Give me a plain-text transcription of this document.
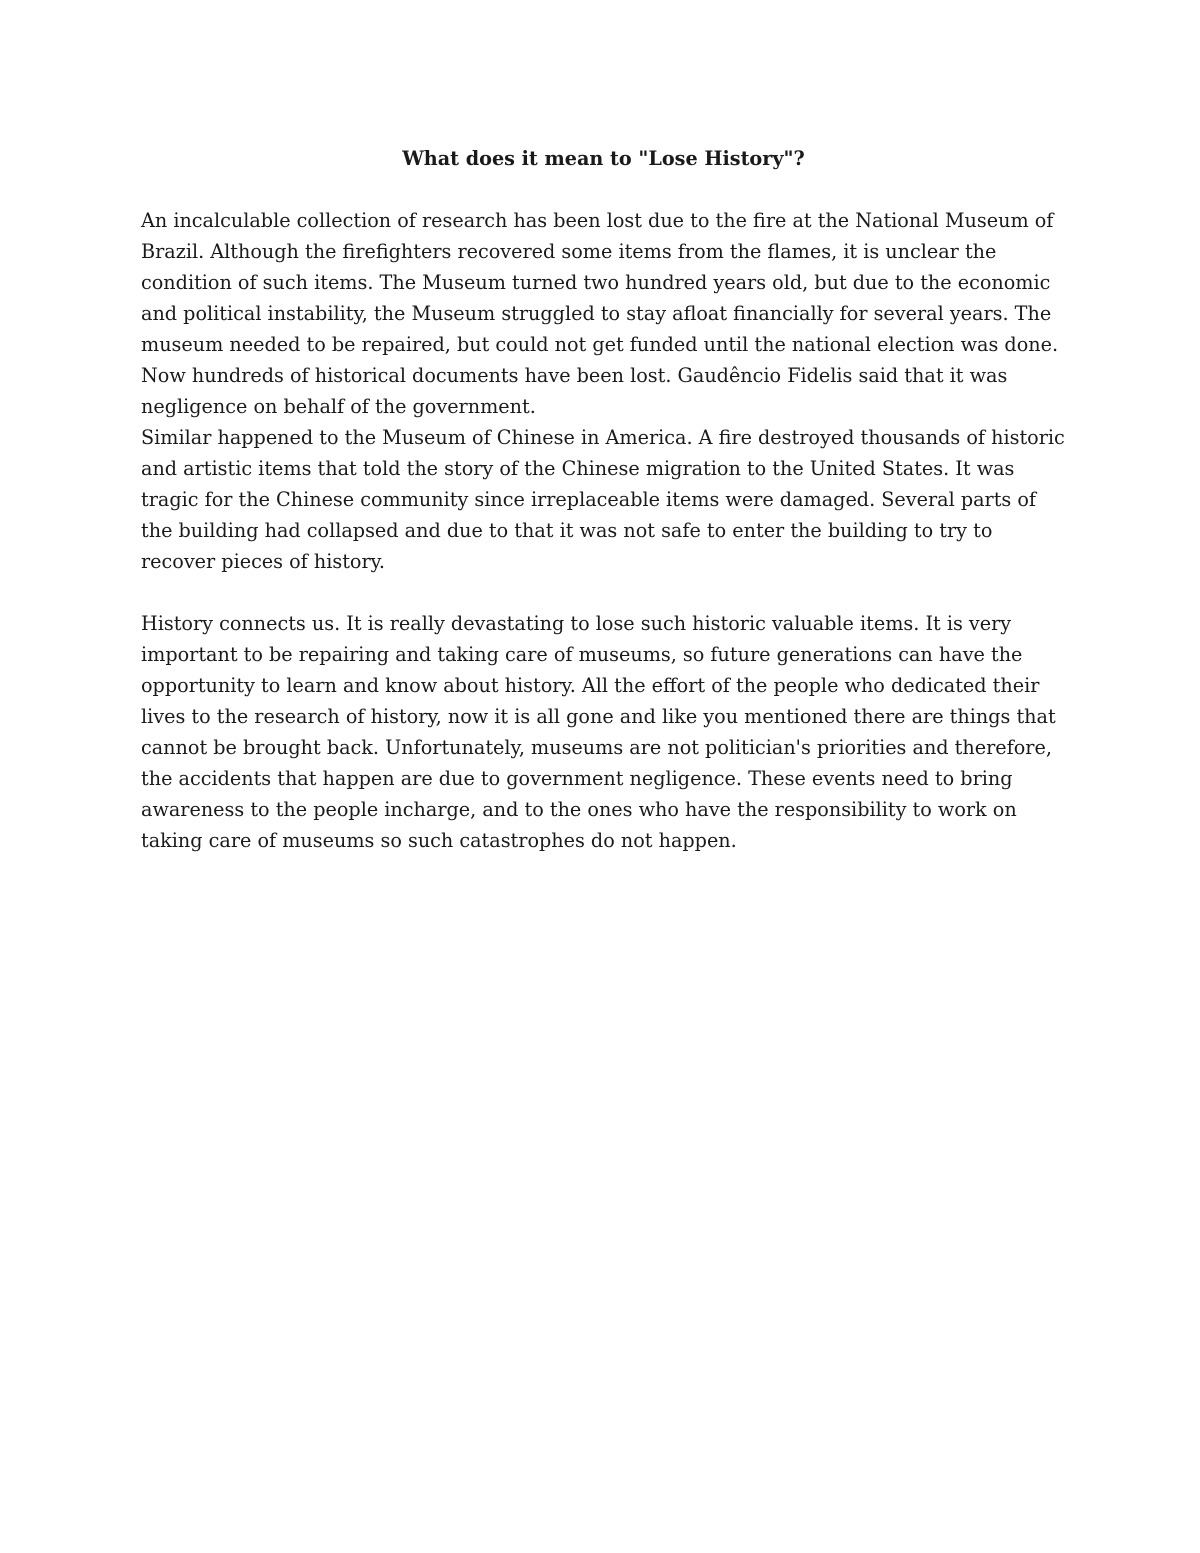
What does it mean to "Lose History"?

An incalculable collection of research has been lost due to the fire at the National Museum of Brazil. Although the firefighters recovered some items from the flames, it is unclear the condition of such items. The Museum turned two hundred years old, but due to the economic and political instability, the Museum struggled to stay afloat financially for several years. The museum needed to be repaired, but could not get funded until the national election was done. Now hundreds of historical documents have been lost. Gaudêncio Fidelis said that it was negligence on behalf of the government.

Similar happened to the Museum of Chinese in America. A fire destroyed thousands of historic and artistic items that told the story of the Chinese migration to the United States. It was tragic for the Chinese community since irreplaceable items were damaged. Several parts of the building had collapsed and due to that it was not safe to enter the building to try to recover pieces of history.

History connects us. It is really devastating to lose such historic valuable items. It is very important to be repairing and taking care of museums, so future generations can have the opportunity to learn and know about history. All the effort of the people who dedicated their lives to the research of history, now it is all gone and like you mentioned there are things that cannot be brought back. Unfortunately, museums are not politician's priorities and therefore, the accidents that happen are due to government negligence. These events need to bring awareness to the people incharge, and to the ones who have the responsibility to work on taking care of museums so such catastrophes do not happen.
